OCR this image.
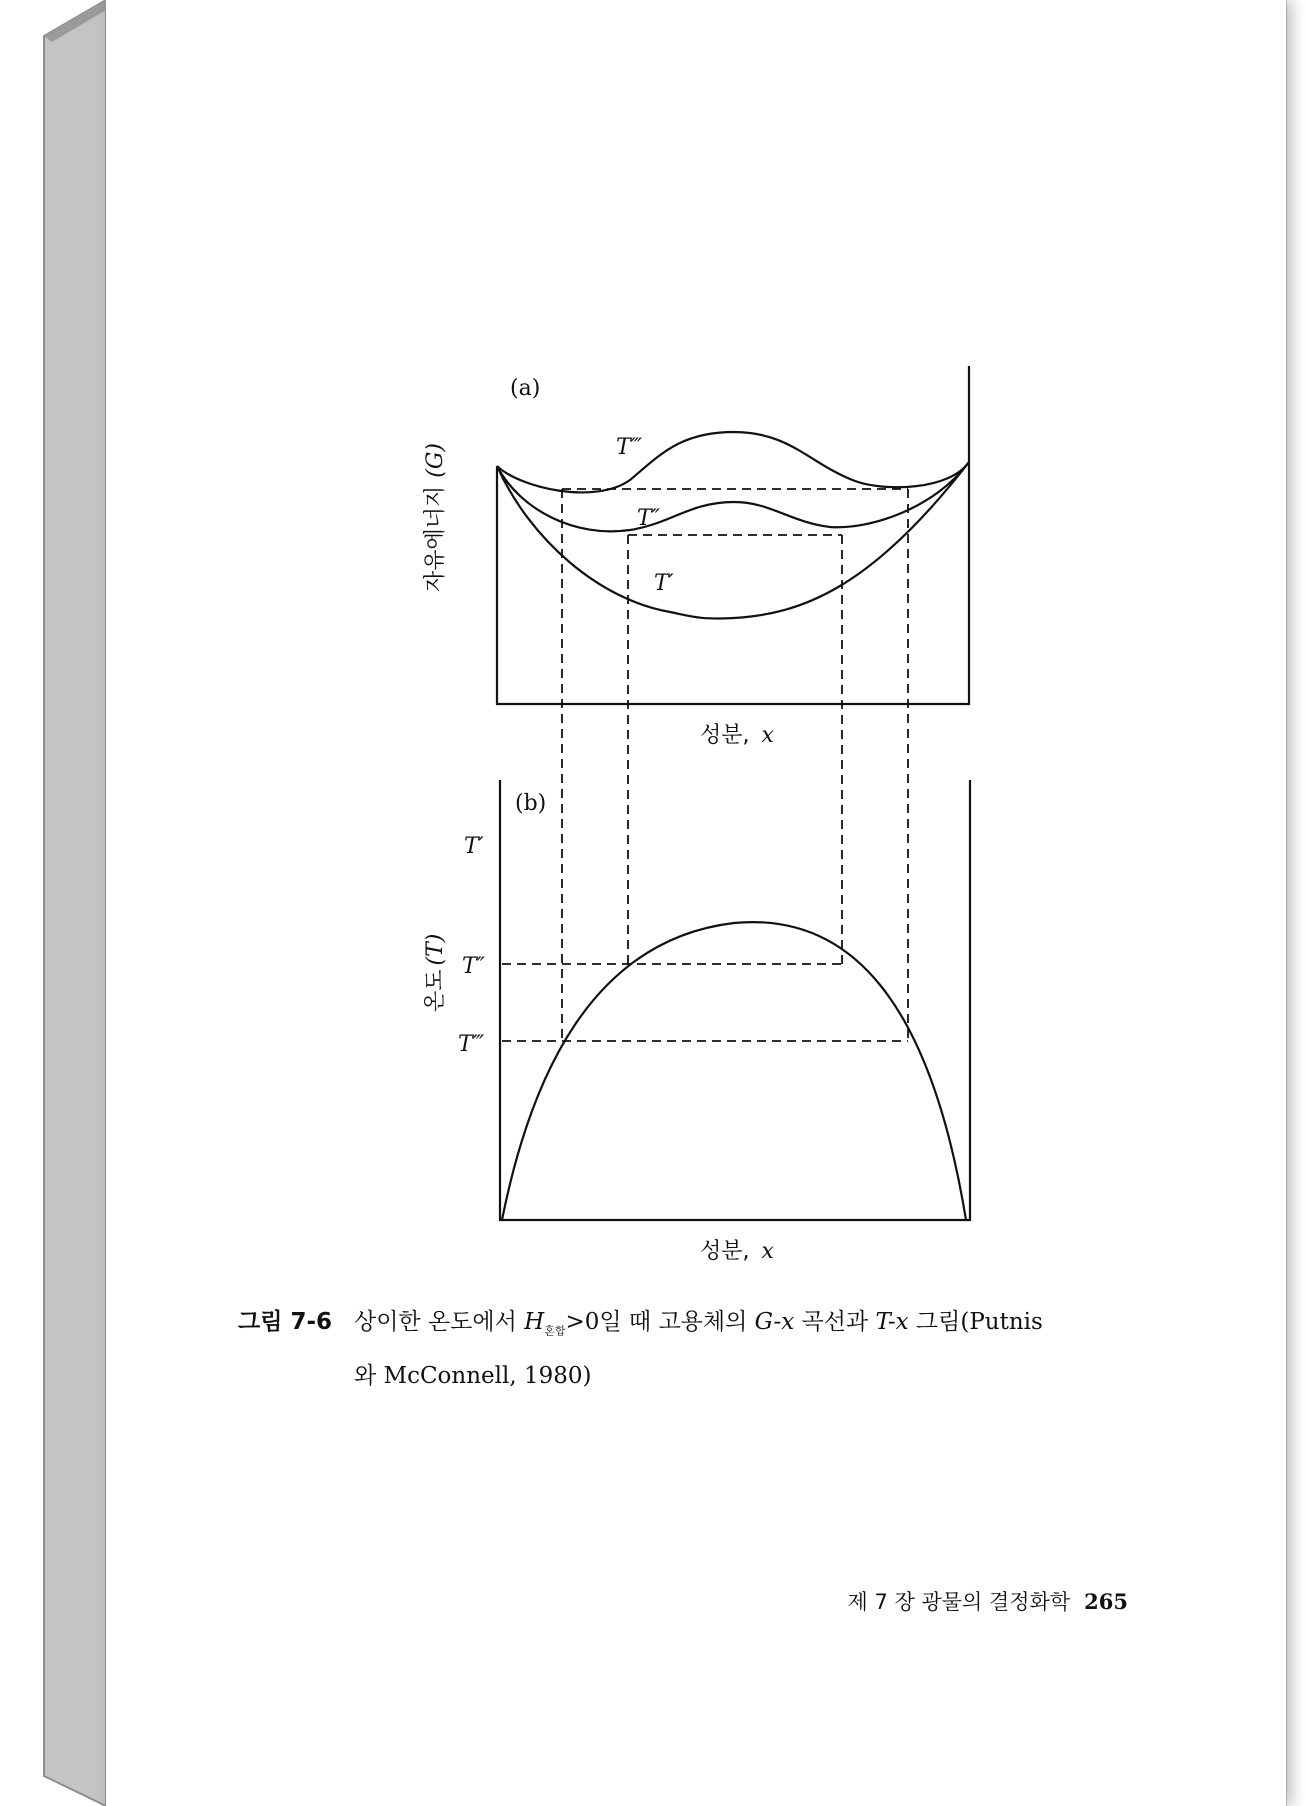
(a)
T‴
T″
T′
자유에너지(G)
성분, x
(b)
T′
T″
T‴
온도(T)
성분, x
그림 7-6 상이한 온도에서 $H_{혼합}>0$일 때 고용체의 G-x 곡선과 T-x 그림(Putnis
와 McConnell, 1980)
제 7 장 광물의 결정화학 265
